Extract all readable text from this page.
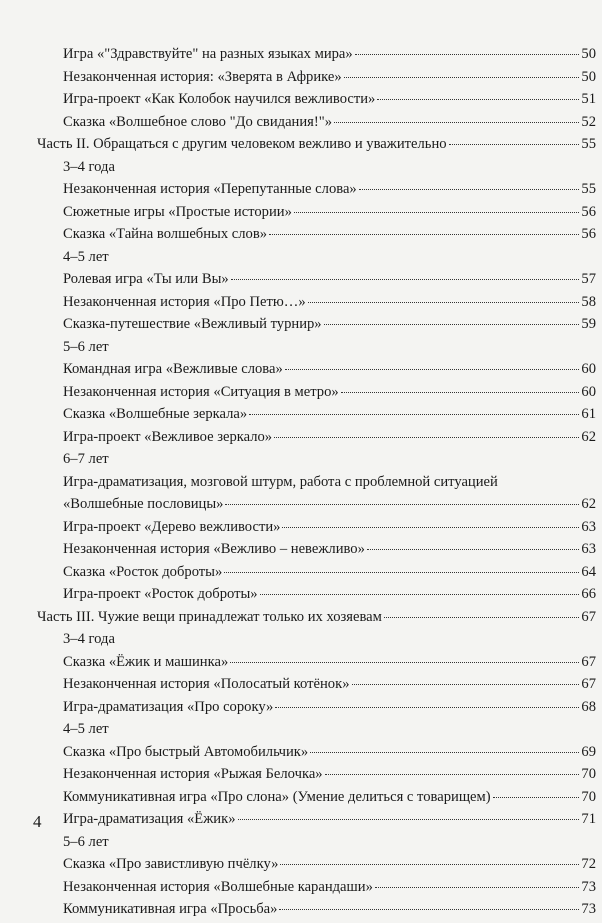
Игра «"Здравствуйте" на разных языках мира»	50
Незаконченная история: «Зверята в Африке»	50
Игра-проект «Как Колобок научился вежливости»	51
Сказка «Волшебное слово "До свидания!"»	52
Часть II. Обращаться с другим человеком вежливо и уважительно	55
3–4 года
Незаконченная история «Перепутанные слова»	55
Сюжетные игры «Простые истории»	56
Сказка «Тайна волшебных слов»	56
4–5 лет
Ролевая игра «Ты или Вы»	57
Незаконченная история «Про Петю…»	58
Сказка-путешествие «Вежливый турнир»	59
5–6 лет
Командная игра «Вежливые слова»	60
Незаконченная история «Ситуация в метро»	60
Сказка «Волшебные зеркала»	61
Игра-проект «Вежливое зеркало»	62
6–7 лет
Игра-драматизация, мозговой штурм, работа с проблемной ситуацией
«Волшебные пословицы»	62
Игра-проект «Дерево вежливости»	63
Незаконченная история «Вежливо – невежливо»	63
Сказка «Росток доброты»	64
Игра-проект «Росток доброты»	66
Часть III. Чужие вещи принадлежат только их хозяевам	67
3–4 года
Сказка «Ёжик и машинка»	67
Незаконченная история «Полосатый котёнок»	67
Игра-драматизация «Про сороку»	68
4–5 лет
Сказка «Про быстрый Автомобильчик»	69
Незаконченная история «Рыжая Белочка»	70
Коммуникативная игра «Про слона» (Умение делиться с товарищем)	70
Игра-драматизация «Ёжик»	71
5–6 лет
Сказка «Про завистливую пчёлку»	72
Незаконченная история «Волшебные карандаши»	73
Коммуникативная игра «Просьба»	73
4
